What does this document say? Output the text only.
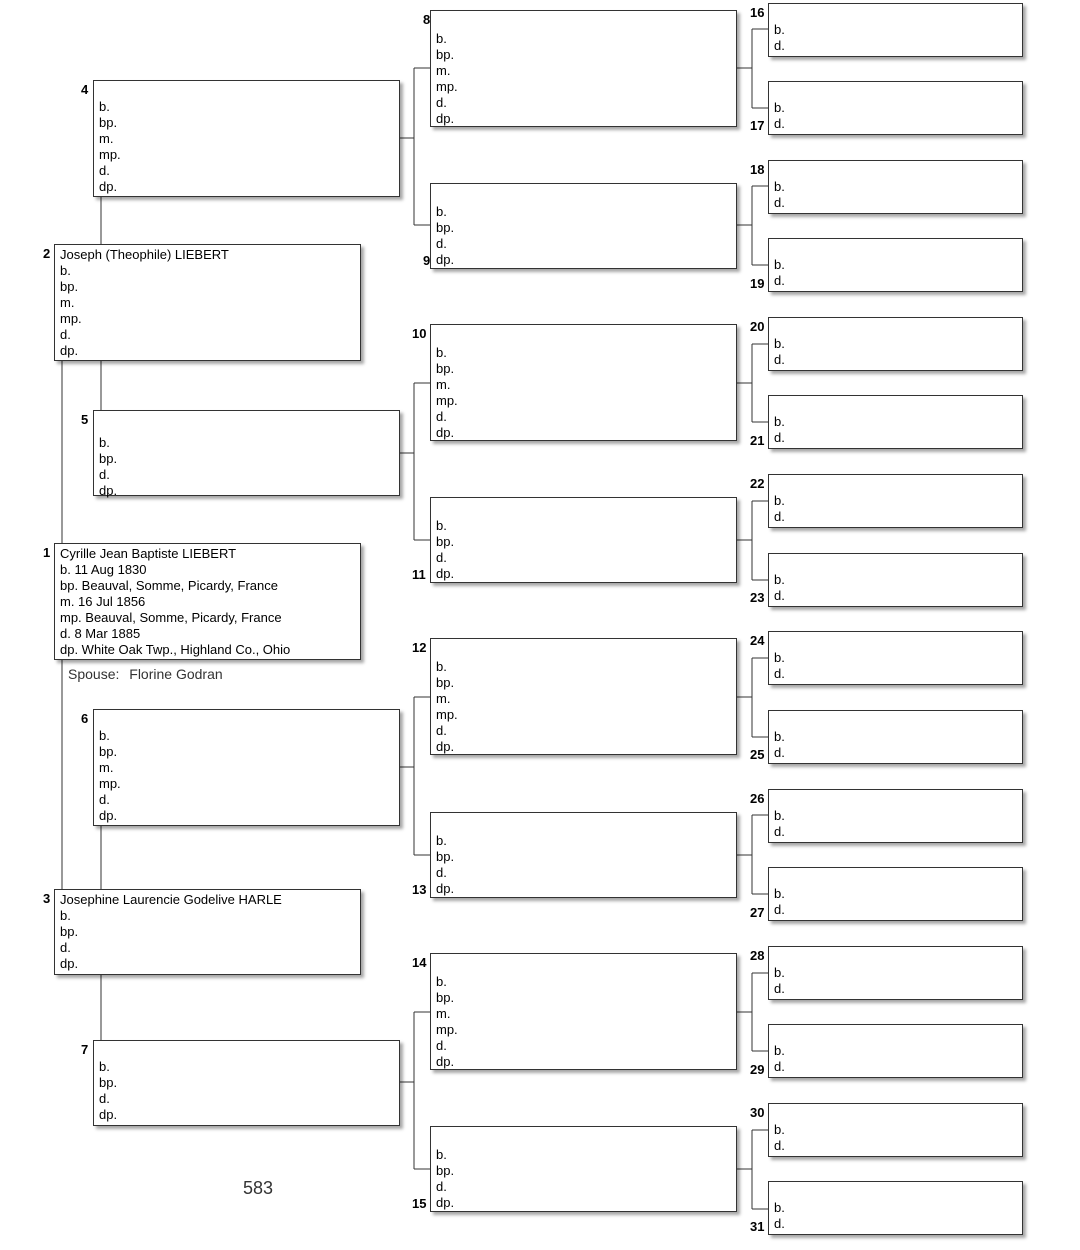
Cyrille Jean Baptiste LIEBERT
b. 11 Aug 1830
bp. Beauval, Somme, Picardy, France
m. 16 Jul 1856
mp. Beauval, Somme, Picardy, France
d. 8 Mar 1885
dp. White Oak Twp., Highland Co., Ohio
1
Joseph (Theophile) LIEBERT
b.
bp.
m.
mp.
d.
dp.
2
Josephine Laurencie Godelive HARLE
b.
bp.
d.
dp.
3
b.
bp.
m.
mp.
d.
dp.
4
b.
bp.
d.
dp.
5
b.
bp.
m.
mp.
d.
dp.
6
b.
bp.
d.
dp.
7
b.
bp.
m.
mp.
d.
dp.
8
b.
bp.
d.
dp.
9
b.
bp.
m.
mp.
d.
dp.
10
b.
bp.
d.
dp.
11
b.
bp.
m.
mp.
d.
dp.
12
b.
bp.
d.
dp.
13
b.
bp.
m.
mp.
d.
dp.
14
b.
bp.
d.
dp.
15
b.
d.
16
b.
d.
17
b.
d.
18
b.
d.
19
b.
d.
20
b.
d.
21
b.
d.
22
b.
d.
23
b.
d.
24
b.
d.
25
b.
d.
26
b.
d.
27
b.
d.
28
b.
d.
29
b.
d.
30
b.
d.
31
Spouse: Florine Godran
583
